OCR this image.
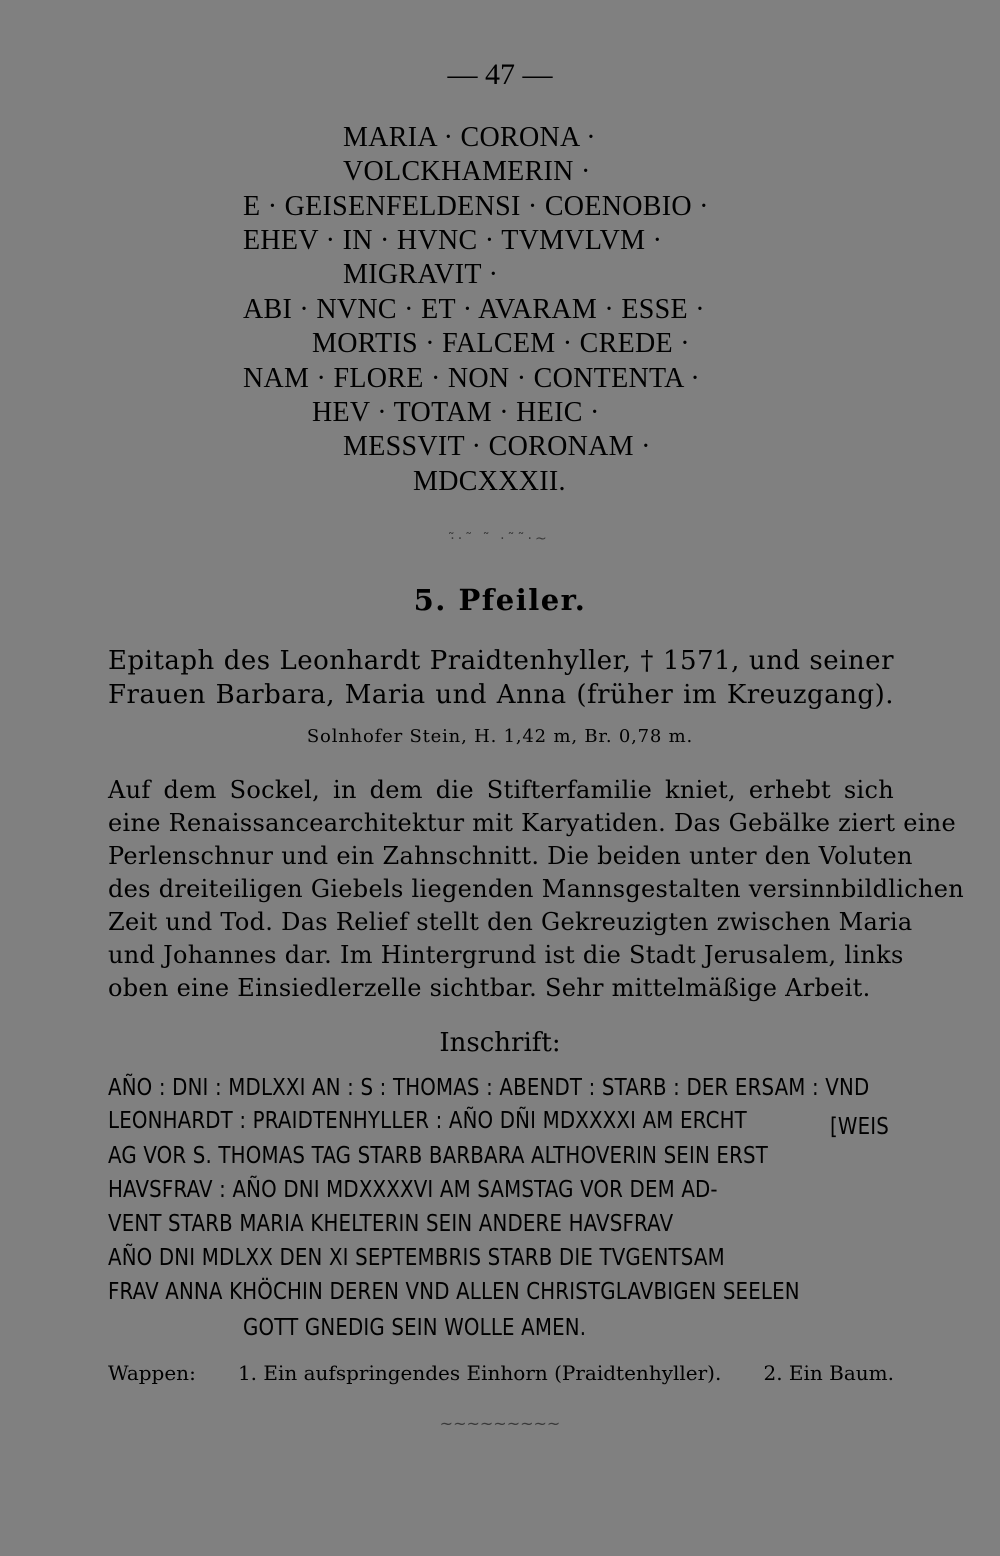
— 47 —
MARIA · CORONA ·
VOLCKHAMERIN ·
E · GEISENFELDENSI · COENOBIO ·
EHEV · IN · HVNC · TVMVLVM ·
MIGRAVIT ·
ABI · NVNC · ET · AVARAM · ESSE ·
MORTIS · FALCEM · CREDE ·
NAM · FLORE · NON · CONTENTA ·
HEV · TOTAM · HEIC ·
MESSVIT · CORONAM ·
MDCXXXII.
·̃·˜ ˜ ·˜˜·~
5. Pfeiler.
Epitaph des Leonhardt Praidtenhyller, † 1571, und seiner
Frauen Barbara, Maria und Anna (früher im Kreuzgang).
Solnhofer Stein, H. 1,42 m, Br. 0,78 m.
Auf dem Sockel, in dem die Stifterfamilie kniet, erhebt sich
eine Renaissancearchitektur mit Karyatiden. Das Gebälke ziert eine
Perlenschnur und ein Zahnschnitt. Die beiden unter den Voluten
des dreiteiligen Giebels liegenden Mannsgestalten versinnbildlichen
Zeit und Tod. Das Relief stellt den Gekreuzigten zwischen Maria
und Johannes dar. Im Hintergrund ist die Stadt Jerusalem, links
oben eine Einsiedlerzelle sichtbar. Sehr mittelmäßige Arbeit.
Inschrift:
AÑO : DNI : MDLXXI AN : S : THOMAS : ABENDT : STARB : DER ERSAM : VND
LEONHARDT : PRAIDTENHYLLER : AÑO DÑI MDXXXXI AM ERCHT	[WEIS
AG VOR S. THOMAS TAG STARB BARBARA ALTHOVERIN SEIN ERST
HAVSFRAV : AÑO DNI MDXXXXVI AM SAMSTAG VOR DEM AD-
VENT STARB MARIA KHELTERIN SEIN ANDERE HAVSFRAV
AÑO DNI MDLXX DEN XI SEPTEMBRIS STARB DIE TVGENTSAM
FRAV ANNA KHÖCHIN DEREN VND ALLEN CHRISTGLAVBIGEN SEELEN
GOTT GNEDIG SEIN WOLLE AMEN.
Wappen: 1. Ein aufspringendes Einhorn (Praidtenhyller). 2. Ein Baum.
~~~~~~~~~
